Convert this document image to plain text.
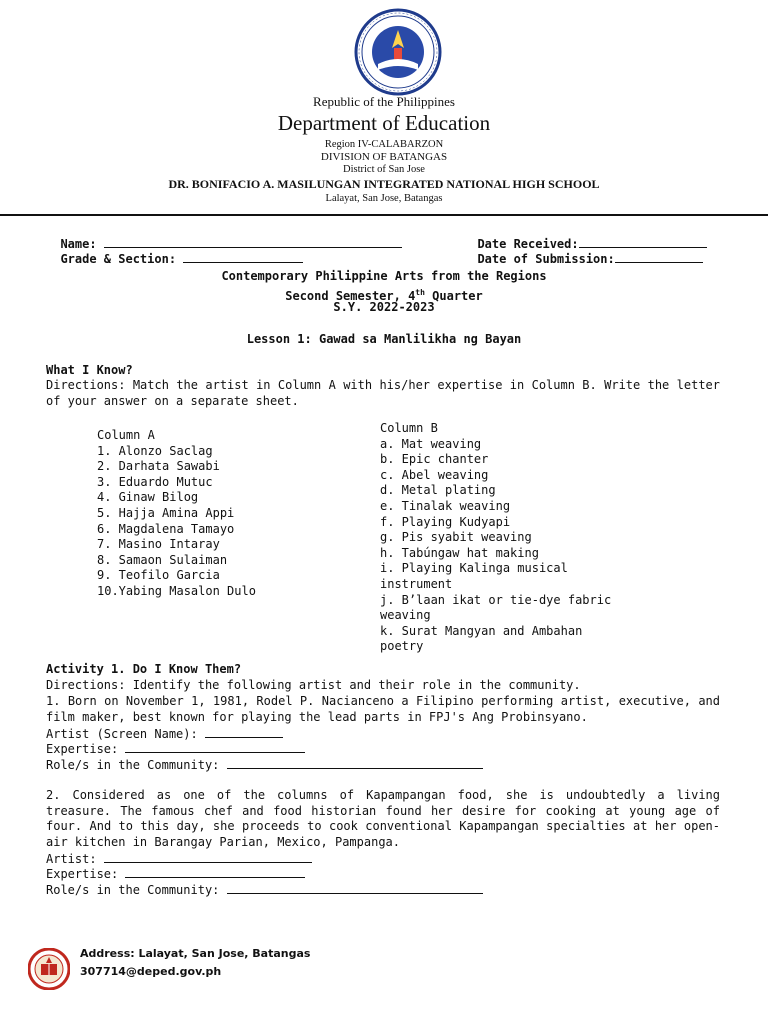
Republic of the Philippines
Department of Education
Region IV-CALABARZON
DIVISION OF BATANGAS
District of San Jose
DR. BONIFACIO A. MASILUNGAN INTEGRATED NATIONAL HIGH SCHOOL
Lalayat, San Jose, Batangas

Name:	Date Received:

Grade & Section:	Date of Submission:

Contemporary Philippine Arts from the Regions
Second Semester, 4th Quarter
S.Y. 2022-2023
Lesson 1: Gawad sa Manlilikha ng Bayan
What I Know?
Directions: Match the artist in Column A with his/her expertise in Column B. Write the letter of your answer on a separate sheet.
Column A
1. Alonzo Saclag
2. Darhata Sawabi
3. Eduardo Mutuc
4. Ginaw Bilog
5. Hajja Amina Appi
6. Magdalena Tamayo
7. Masino Intaray
8. Samaon Sulaiman
9. Teofilo Garcia
10.Yabing Masalon Dulo
Column B
a. Mat weaving
b. Epic chanter
c. Abel weaving
d. Metal plating
e. Tinalak weaving
f. Playing Kudyapi
g. Pis syabit weaving
h. Tabúngaw hat making
i. Playing Kalinga musical
instrument
j. B’laan ikat or tie-dye fabric
weaving
k. Surat Mangyan and Ambahan
poetry
Activity 1. Do I Know Them?
Directions: Identify the following artist and their role in the community.
1. Born on November 1, 1981, Rodel P. Naciancenо a Filipino performing artist, executive, and film maker, best known for playing the lead parts in FPJ's Ang Probinsyano.
Artist (Screen Name):
Expertise:
Role/s in the Community:
2. Considered as one of the columns of Kapampangan food, she is undoubtedly a living treasure. The famous chef and food historian found her desire for cooking at young age of four. And to this day, she proceeds to cook conventional Kapampangan specialties at her open-air kitchen in Barangay Parian, Mexico, Pampanga.
Artist:
Expertise:
Role/s in the Community:
Address: Lalayat, San Jose, Batangas
307714@deped.gov.ph
